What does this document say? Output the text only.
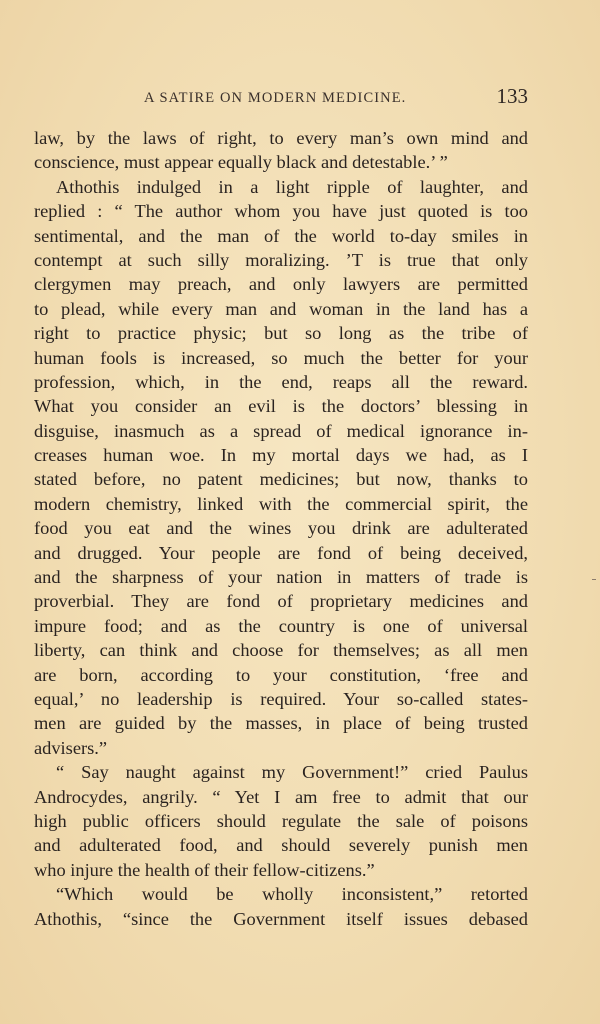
A SATIRE ON MODERN MEDICINE.	133
law, by the laws of right, to every man’s own mind and
conscience, must appear equally black and detestable.’ ”
Athothis indulged in a light ripple of laughter, and
replied : “ The author whom you have just quoted is too
sentimental, and the man of the world to-day smiles in
contempt at such silly moralizing. ’T is true that only
clergymen may preach, and only lawyers are permitted
to plead, while every man and woman in the land has a
right to practice physic; but so long as the tribe of
human fools is increased, so much the better for your
profession, which, in the end, reaps all the reward.
What you consider an evil is the doctors’ blessing in
disguise, inasmuch as a spread of medical ignorance in-
creases human woe. In my mortal days we had, as I
stated before, no patent medicines; but now, thanks to
modern chemistry, linked with the commercial spirit, the
food you eat and the wines you drink are adulterated
and drugged. Your people are fond of being deceived,
and the sharpness of your nation in matters of trade is
proverbial. They are fond of proprietary medicines and
impure food; and as the country is one of universal
liberty, can think and choose for themselves; as all men
are born, according to your constitution, ‘free and
equal,’ no leadership is required. Your so-called states-
men are guided by the masses, in place of being trusted
advisers.”
“ Say naught against my Government!” cried Paulus
Androcydes, angrily. “ Yet I am free to admit that our
high public officers should regulate the sale of poisons
and adulterated food, and should severely punish men
who injure the health of their fellow-citizens.”
“Which would be wholly inconsistent,” retorted
Athothis, “since the Government itself issues debased
